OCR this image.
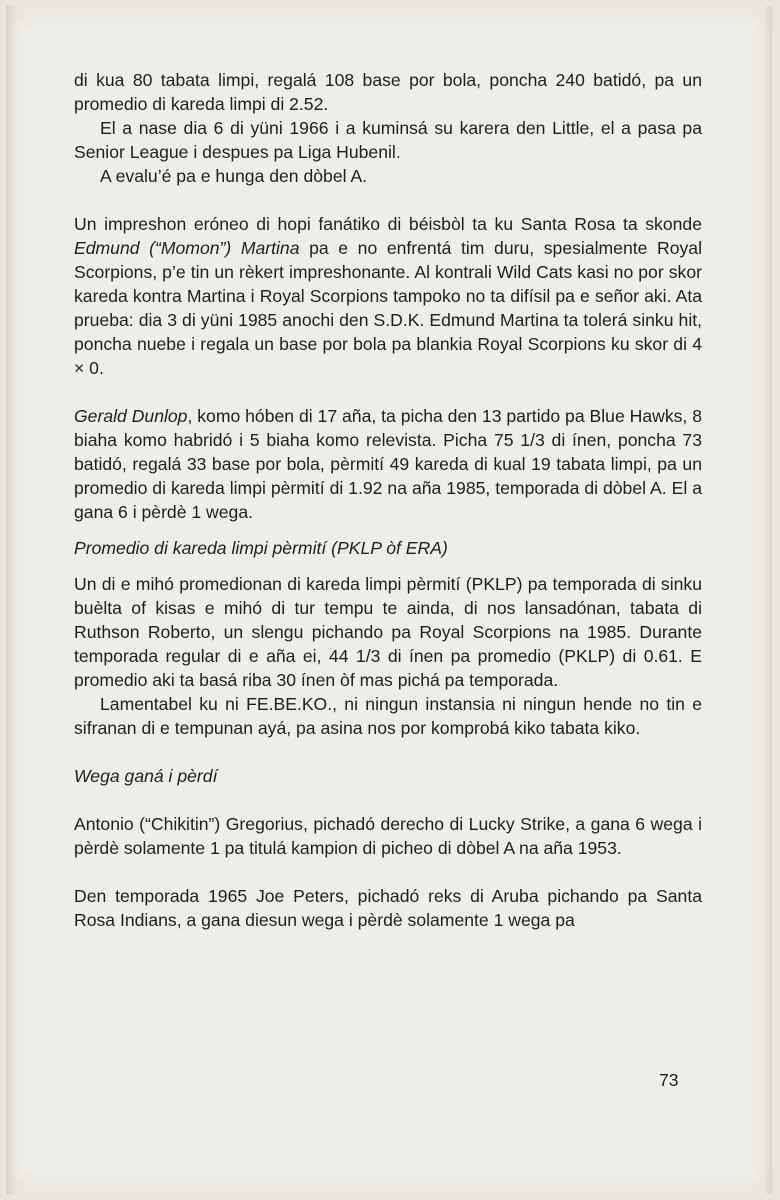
di kua 80 tabata limpi, regalá 108 base por bola, poncha 240 batidó, pa un promedio di kareda limpi di 2.52.

El a nase dia 6 di yüni 1966 i a kuminsá su karera den Little, el a pasa pa Senior League i despues pa Liga Hubenil.

A evalu’é pa e hunga den dòbel A.

Un impreshon eróneo di hopi fanátiko di béisbòl ta ku Santa Rosa ta skonde Edmund (“Momon”) Martina pa e no enfrentá tim duru, spesialmente Royal Scorpions, p’e tin un rèkert impreshonante. Al kontrali Wild Cats kasi no por skor kareda kontra Martina i Royal Scorpions tampoko no ta difísil pa e señor aki. Ata prueba: dia 3 di yüni 1985 anochi den S.D.K. Edmund Martina ta tolerá sinku hit, poncha nuebe i regala un base por bola pa blankia Royal Scorpions ku skor di 4 × 0.

Gerald Dunlop, komo hóben di 17 aña, ta picha den 13 partido pa Blue Hawks, 8 biaha komo habridó i 5 biaha komo relevista. Picha 75 1/3 di ínen, poncha 73 batidó, regalá 33 base por bola, pèrmití 49 kareda di kual 19 tabata limpi, pa un promedio di kareda limpi pèrmití di 1.92 na aña 1985, temporada di dòbel A. El a gana 6 i pèrdè 1 wega.

Promedio di kareda limpi pèrmití (PKLP òf ERA)

Un di e mihó promedionan di kareda limpi pèrmití (PKLP) pa temporada di sinku buèlta of kisas e mihó di tur tempu te ainda, di nos lansadónan, tabata di Ruthson Roberto, un slengu pichando pa Royal Scorpions na 1985. Durante temporada regular di e aña ei, 44 1/3 di ínen pa promedio (PKLP) di 0.61. E promedio aki ta basá riba 30 ínen òf mas pichá pa temporada.

Lamentabel ku ni FE.BE.KO., ni ningun instansia ni ningun hende no tin e sifranan di e tempunan ayá, pa asina nos por komprobá kiko tabata kiko.

Wega ganá i pèrdí

Antonio (“Chikitin”) Gregorius, pichadó derecho di Lucky Strike, a gana 6 wega i pèrdè solamente 1 pa titulá kampion di picheo di dòbel A na aña 1953.

Den temporada 1965 Joe Peters, pichadó reks di Aruba pichando pa Santa Rosa Indians, a gana diesun wega i pèrdè solamente 1 wega pa

73
